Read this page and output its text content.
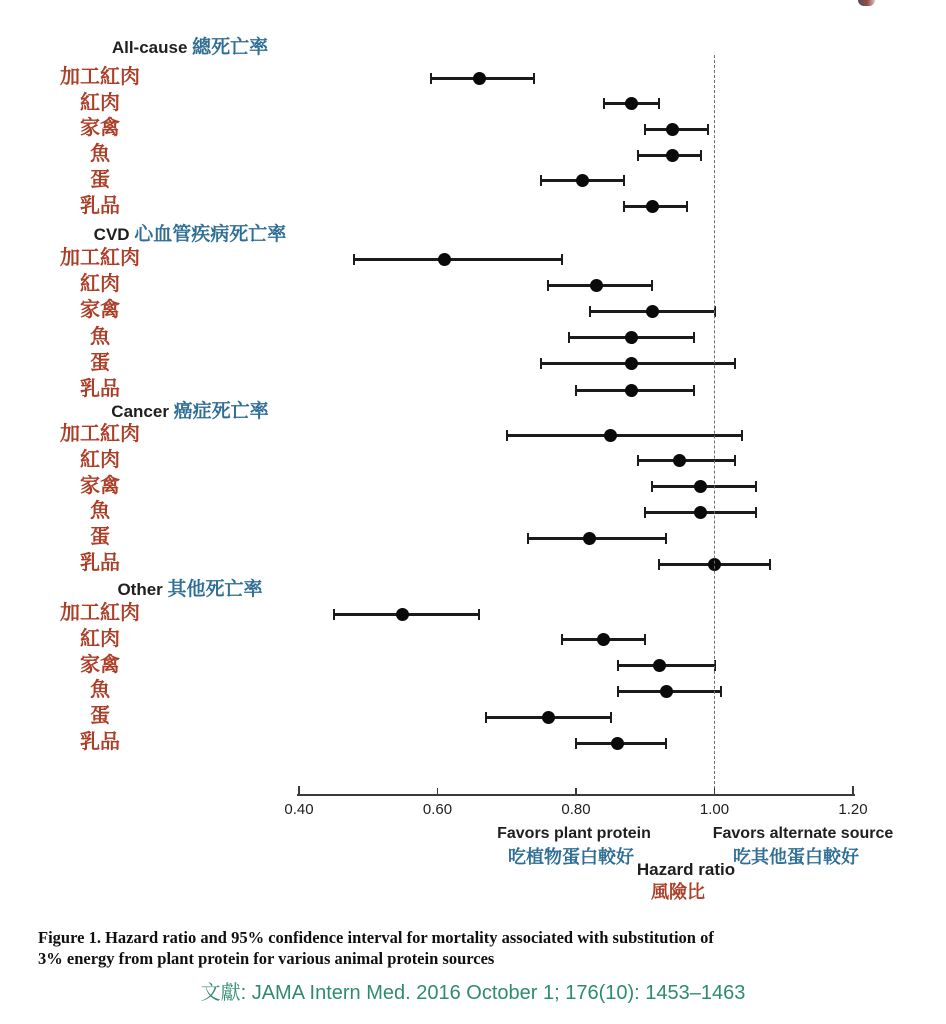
All-cause 總死亡率
加工紅肉
紅肉
家禽
魚
蛋
乳品
CVD 心血管疾病死亡率
加工紅肉
紅肉
家禽
魚
蛋
乳品
Cancer 癌症死亡率
加工紅肉
紅肉
家禽
魚
蛋
乳品
Other 其他死亡率
加工紅肉
紅肉
家禽
魚
蛋
乳品
0.40	0.60	0.80	1.00	1.20
Favors plant protein	Favors alternate source
吃植物蛋白較好	吃其他蛋白較好
Hazard ratio
風險比
Figure 1. Hazard ratio and 95% confidence interval for mortality associated with substitution of
3% energy from plant protein for various animal protein sources
文獻: JAMA Intern Med. 2016 October 1; 176(10): 1453–1463
